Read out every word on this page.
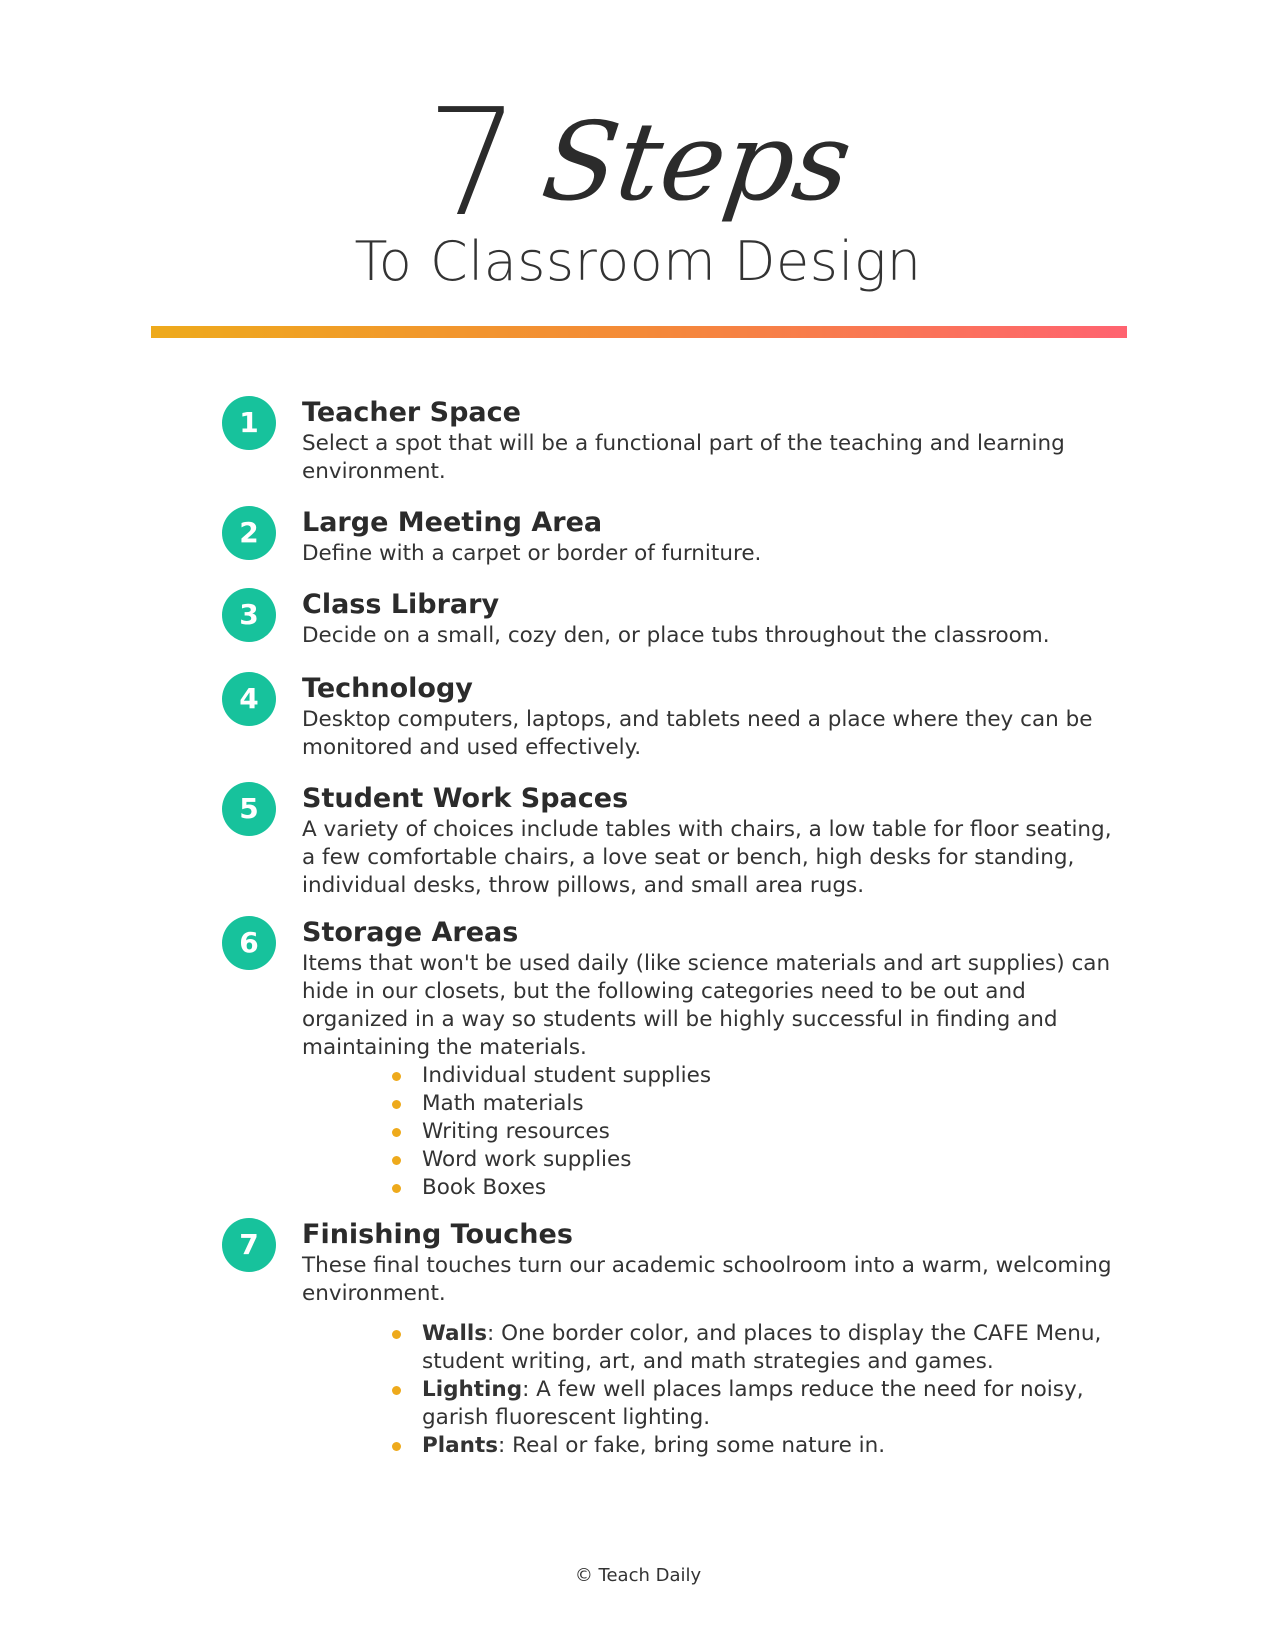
7 Steps
To Classroom Design
1	Teacher Space
Select a spot that will be a functional part of the teaching and learning environment.
2	Large Meeting Area
Define with a carpet or border of furniture.
3	Class Library
Decide on a small, cozy den, or place tubs throughout the classroom.
4	Technology
Desktop computers, laptops, and tablets need a place where they can be monitored and used effectively.
5	Student Work Spaces
A variety of choices include tables with chairs, a low table for floor seating, a few comfortable chairs, a love seat or bench, high desks for standing, individual desks, throw pillows, and small area rugs.
6	Storage Areas
Items that won't be used daily (like science materials and art supplies) can hide in our closets, but the following categories need to be out and organized in a way so students will be highly successful in finding and maintaining the materials.
Individual student supplies
Math materials
Writing resources
Word work supplies
Book Boxes
7	Finishing Touches
These final touches turn our academic schoolroom into a warm, welcoming environment.
Walls: One border color, and places to display the CAFE Menu, student writing, art, and math strategies and games.
Lighting: A few well places lamps reduce the need for noisy, garish fluorescent lighting.
Plants: Real or fake, bring some nature in.
© Teach Daily
